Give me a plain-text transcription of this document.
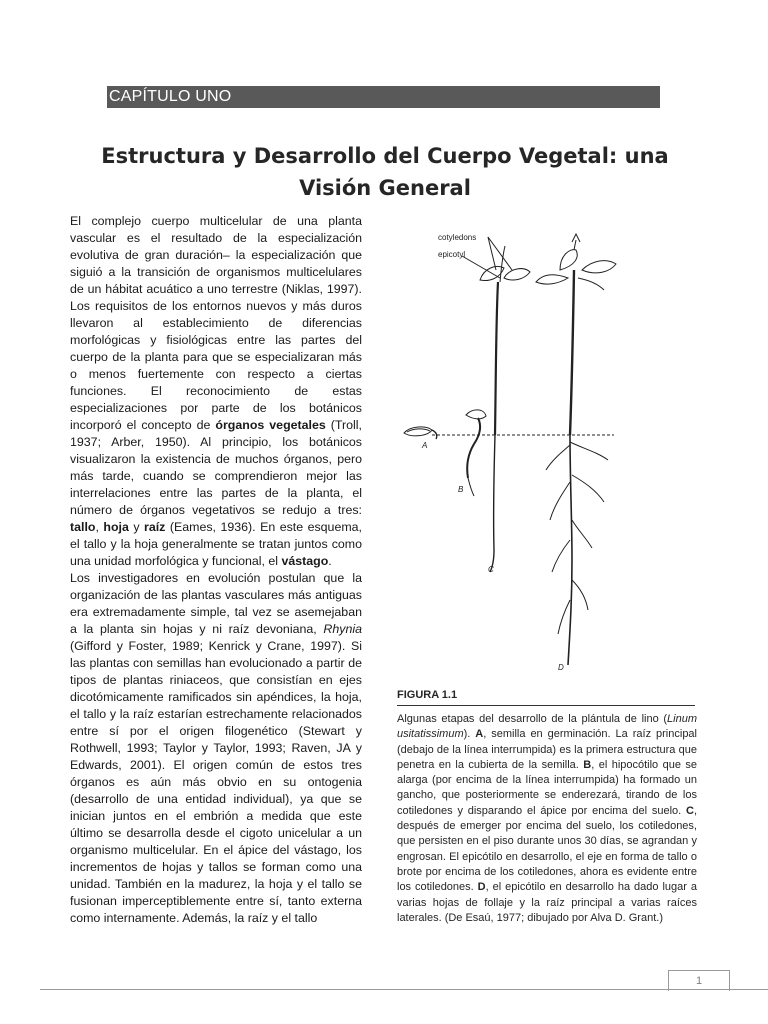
CAPÍTULO UNO
Estructura y Desarrollo del Cuerpo Vegetal: una
Visión General

El complejo cuerpo multicelular de una planta vascular es el resultado de la especialización evolutiva de gran duración– la especialización que siguió a la transición de organismos multicelulares de un hábitat acuático a uno terrestre (Niklas, 1997). Los requisitos de los entornos nuevos y más duros llevaron al establecimiento de diferencias morfológicas y fisiológicas entre las partes del cuerpo de la planta para que se especializaran más o menos fuertemente con respecto a ciertas funciones. El reconocimiento de estas especializaciones por parte de los botánicos incorporó el concepto de órganos vegetales (Troll, 1937; Arber, 1950). Al principio, los botánicos visualizaron la existencia de muchos órganos, pero más tarde, cuando se comprendieron mejor las interrelaciones entre las partes de la planta, el número de órganos vegetativos se redujo a tres: tallo, hoja y raíz (Eames, 1936). En este esquema, el tallo y la hoja generalmente se tratan juntos como una unidad morfológica y funcional, el vástago.

Los investigadores en evolución postulan que la organización de las plantas vasculares más antiguas era extremadamente simple, tal vez se asemejaban a la planta sin hojas y ni raíz devoniana, Rhynia (Gifford y Foster, 1989; Kenrick y Crane, 1997). Si las plantas con semillas han evolucionado a partir de tipos de plantas riniaceos, que consistían en ejes dicotómicamente ramificados sin apéndices, la hoja, el tallo y la raíz estarían estrechamente relacionados entre sí por el origen filogenético (Stewart y Rothwell, 1993; Taylor y Taylor, 1993; Raven, JA y Edwards, 2001). El origen común de estos tres órganos es aún más obvio en su ontogenia (desarrollo de una entidad individual), ya que se inician juntos en el embrión a medida que este último se desarrolla desde el cigoto unicelular a un organismo multicelular. En el ápice del vástago, los incrementos de hojas y tallos se forman como una unidad. También en la madurez, la hoja y el tallo se fusionan imperceptiblemente entre sí, tanto externa como internamente. Además, la raíz y el tallo

cotyledons
epicotyl
A
B
C
D
FIGURA 1.1
Algunas etapas del desarrollo de la plántula de lino (Linum usitatissimum). A, semilla en germinación. La raíz principal (debajo de la línea interrumpida) es la primera estructura que penetra en la cubierta de la semilla. B, el hipocótilo que se alarga (por encima de la línea interrumpida) ha formado un gancho, que posteriormente se enderezará, tirando de los cotiledones y disparando el ápice por encima del suelo. C, después de emerger por encima del suelo, los cotiledones, que persisten en el piso durante unos 30 días, se agrandan y engrosan. El epicótilo en desarrollo, el eje en forma de tallo o brote por encima de los cotiledones, ahora es evidente entre los cotiledones. D, el epicótilo en desarrollo ha dado lugar a varias hojas de follaje y la raíz principal a varias raíces laterales. (De Esaú, 1977; dibujado por Alva D. Grant.)
1
